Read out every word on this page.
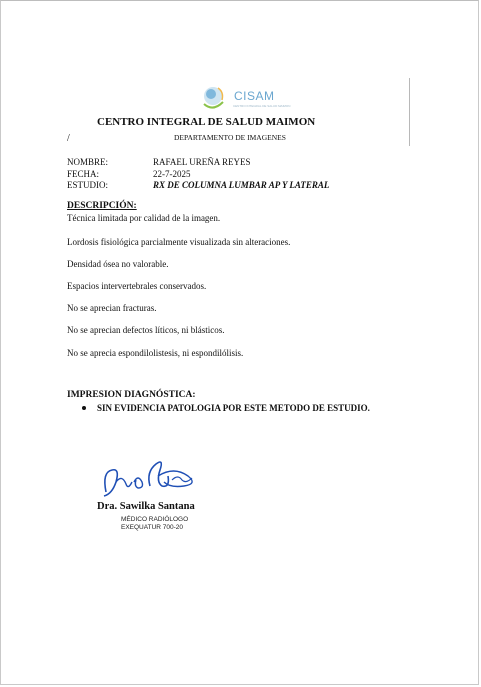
CISAM
CENTRO INTEGRAL DE SALUD MAIMON
CENTRO INTEGRAL DE SALUD MAIMON
DEPARTAMENTO DE IMAGENES
/
NOMBRE:	RAFAEL UREÑA REYES
FECHA:	22-7-2025
ESTUDIO:	RX DE COLUMNA LUMBAR AP Y LATERAL
DESCRIPCIÓN:
Técnica limitada por calidad de la imagen.
Lordosis fisiológica parcialmente visualizada sin alteraciones.
Densidad ósea no valorable.
Espacios intervertebrales conservados.
No se aprecian fracturas.
No se aprecian defectos líticos, ni blásticos.
No se aprecia espondilolistesis, ni espondilólisis.
IMPRESION DIAGNÓSTICA:
SIN EVIDENCIA PATOLOGIA POR ESTE METODO DE ESTUDIO.
Dra. Sawilka Santana
MÉDICO RADIÓLOGO
EXEQUATUR 700-20
